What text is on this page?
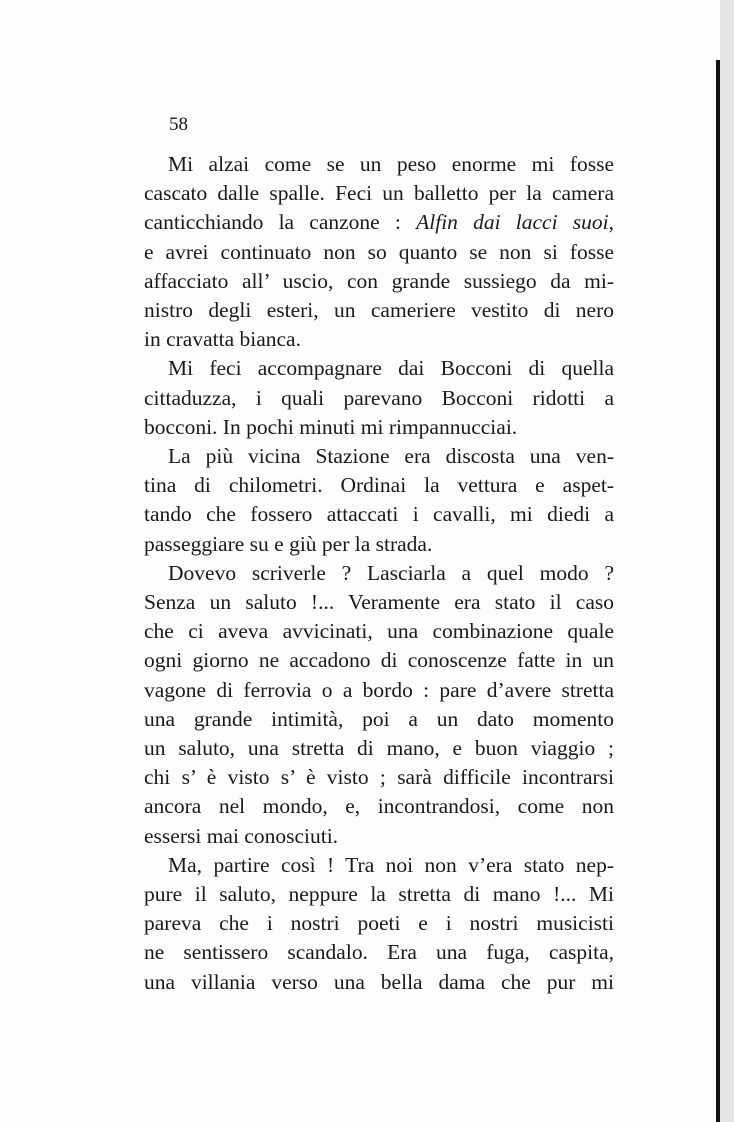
58

Mi alzai come se un peso enorme mi fosse
cascato dalle spalle. Feci un balletto per la camera
canticchiando la canzone : Alfin dai lacci suoi,
e avrei continuato non so quanto se non si fosse
affacciato all’ uscio, con grande sussiego da mi-
nistro degli esteri, un cameriere vestito di nero
in cravatta bianca.

Mi feci accompagnare dai Bocconi di quella
cittaduzza, i quali parevano Bocconi ridotti a
bocconi. In pochi minuti mi rimpannucciai.

La più vicina Stazione era discosta una ven-
tina di chilometri. Ordinai la vettura e aspet-
tando che fossero attaccati i cavalli, mi diedi a
passeggiare su e giù per la strada.

Dovevo scriverle ? Lasciarla a quel modo ?
Senza un saluto !... Veramente era stato il caso
che ci aveva avvicinati, una combinazione quale
ogni giorno ne accadono di conoscenze fatte in un
vagone di ferrovia o a bordo : pare d’avere stretta
una grande intimità, poi a un dato momento
un saluto, una stretta di mano, e buon viaggio ;
chi s’ è visto s’ è visto ; sarà difficile incontrarsi
ancora nel mondo, e, incontrandosi, come non
essersi mai conosciuti.

Ma, partire così ! Tra noi non v’era stato nep-
pure il saluto, neppure la stretta di mano !... Mi
pareva che i nostri poeti e i nostri musicisti
ne sentissero scandalo. Era una fuga, caspita,
una villania verso una bella dama che pur mi
